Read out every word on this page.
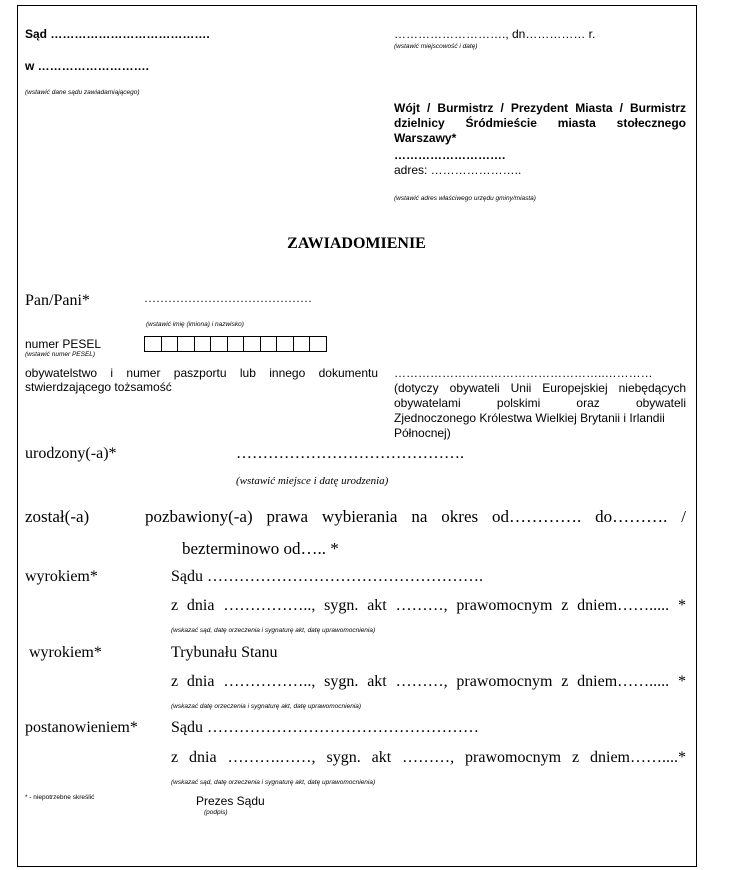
Sąd ………………………………….
w ……………………….
(wstawić dane sądu zawiadamiającego)
………………………., dn…………… r.
(wstawić miejscowość i datę)
Wójt / Burmistrz / Prezydent Miasta / Burmistrz
dzielnicy Śródmieście miasta stołecznego
Warszawy*
……………………….
adres: …………………..
(wstawić adres właściwego urzędu gminy/miasta)
ZAWIADOMIENIE
Pan/Pani*	……………………………………
(wstawić imię (imiona) i nazwisko)
numer PESEL
(wstawić numer PESEL)
obywatelstwo i numer paszportu lub innego dokumentu
stwierdzającego tożsamość
……………………………………………..…………
(dotyczy obywateli Unii Europejskiej niebędących
obywatelami polskimi oraz obywateli
Zjednoczonego Królestwa Wielkiej Brytanii i Irlandii
Północnej)
urodzony(-a)*	…………………………………….
(wstawić miejsce i datę urodzenia)
został(-a)	pozbawiony(-a) prawa wybierania na okres od…………. do………. /
bezterminowo od….. *
wyrokiem*	Sądu …………………………………………….
z dnia …………….., sygn. akt ………, prawomocnym z dniem……..... *
(wskazać sąd, datę orzeczenia i sygnaturę akt, datę uprawomocnienia)
wyrokiem*	Trybunału Stanu
z dnia …………….., sygn. akt ………, prawomocnym z dniem……..... *
(wskazać datę orzeczenia i sygnaturę akt, datę uprawomocnienia)
postanowieniem* Sądu ……………………………………………
z dnia ……….……, sygn. akt ………, prawomocnym z dniem……....*
(wskazać sąd, datę orzeczenia i sygnaturę akt, datę uprawomocnienia)
* - niepotrzebne skreślić	Prezes Sądu
(podpis)
